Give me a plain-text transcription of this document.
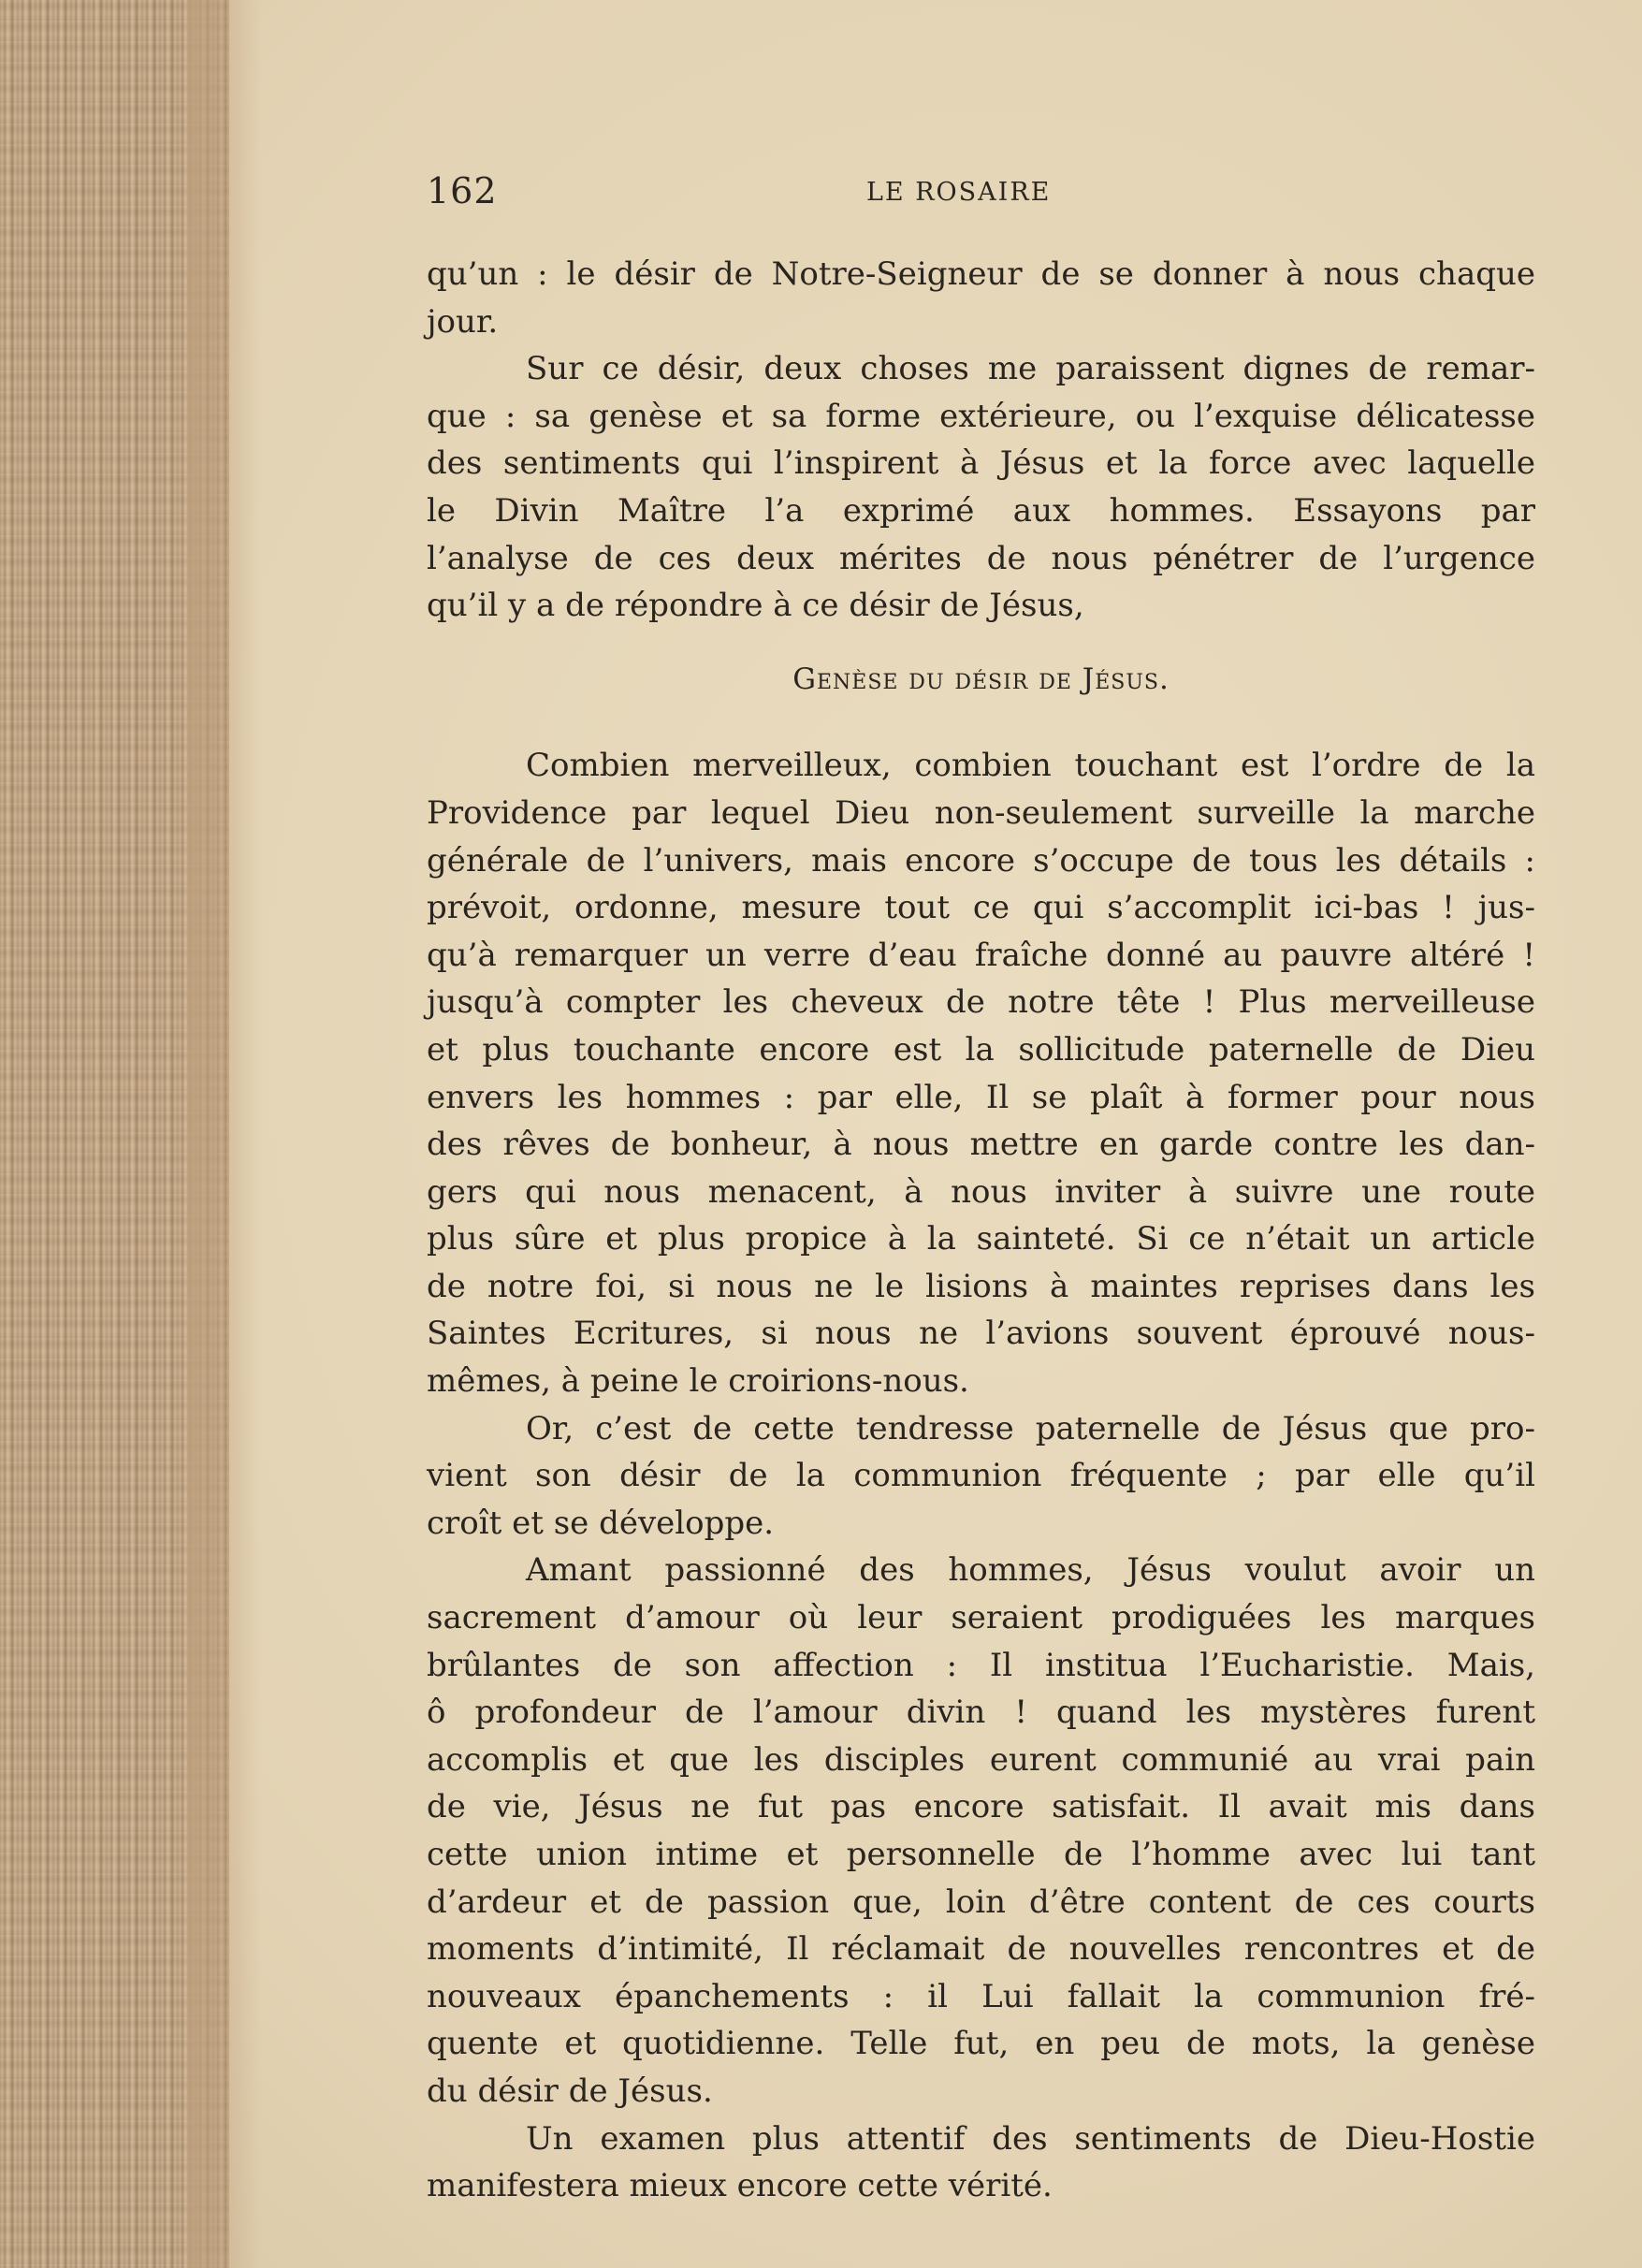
162	LE ROSAIRE
qu’un : le désir de Notre-Seigneur de se donner à nous chaque
jour.
Sur ce désir, deux choses me paraissent dignes de remar-
que : sa genèse et sa forme extérieure, ou l’exquise délicatesse
des sentiments qui l’inspirent à Jésus et la force avec laquelle
le Divin Maître l’a exprimé aux hommes. Essayons par
l’analyse de ces deux mérites de nous pénétrer de l’urgence
qu’il y a de répondre à ce désir de Jésus,
Genèse du désir de Jésus.
Combien merveilleux, combien touchant est l’ordre de la
Providence par lequel Dieu non-seulement surveille la marche
générale de l’univers, mais encore s’occupe de tous les détails :
prévoit, ordonne, mesure tout ce qui s’accomplit ici-bas ! jus-
qu’à remarquer un verre d’eau fraîche donné au pauvre altéré !
jusqu’à compter les cheveux de notre tête ! Plus merveilleuse
et plus touchante encore est la sollicitude paternelle de Dieu
envers les hommes : par elle, Il se plaît à former pour nous
des rêves de bonheur, à nous mettre en garde contre les dan-
gers qui nous menacent, à nous inviter à suivre une route
plus sûre et plus propice à la sainteté. Si ce n’était un article
de notre foi, si nous ne le lisions à maintes reprises dans les
Saintes Ecritures, si nous ne l’avions souvent éprouvé nous-
mêmes, à peine le croirions-nous.
Or, c’est de cette tendresse paternelle de Jésus que pro-
vient son désir de la communion fréquente ; par elle qu’il
croît et se développe.
Amant passionné des hommes, Jésus voulut avoir un
sacrement d’amour où leur seraient prodiguées les marques
brûlantes de son affection : Il institua l’Eucharistie. Mais,
ô profondeur de l’amour divin ! quand les mystères furent
accomplis et que les disciples eurent communié au vrai pain
de vie, Jésus ne fut pas encore satisfait. Il avait mis dans
cette union intime et personnelle de l’homme avec lui tant
d’ardeur et de passion que, loin d’être content de ces courts
moments d’intimité, Il réclamait de nouvelles rencontres et de
nouveaux épanchements : il Lui fallait la communion fré-
quente et quotidienne. Telle fut, en peu de mots, la genèse
du désir de Jésus.
Un examen plus attentif des sentiments de Dieu-Hostie
manifestera mieux encore cette vérité.
